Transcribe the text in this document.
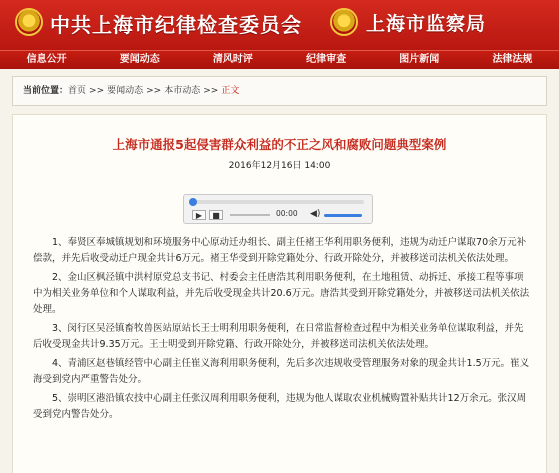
中共上海市纪律检查委员会	上海市监察局
信息公开	要闻动态	清风时评	纪律审查	图片新闻	法律法规
当前位置：首页 >> 要闻动态 >> 本市动态 >> 正文
上海市通报5起侵害群众利益的不正之风和腐败问题典型案例
2016年12月16日 14:00
▶	■	00:00 ◀)

1、奉贤区奉城镇规划和环境服务中心原动迁办组长、副主任褚王华利用职务便利，违规为动迁户谋取70余万元补偿款，并先后收受动迁户现金共计6万元。褚王华受到开除党籍处分、行政开除处分，并被移送司法机关依法处理。

2、金山区枫泾镇中洪村原党总支书记、村委会主任唐浩其利用职务便利，在土地租赁、动拆迁、承接工程等事项中为相关业务单位和个人谋取利益，并先后收受现金共计20.6万元。唐浩其受到开除党籍处分，并被移送司法机关依法处理。

3、闵行区吴泾镇畜牧兽医站原站长王士明利用职务便利，在日常监督检查过程中为相关业务单位谋取利益，并先后收受现金共计9.35万元。王士明受到开除党籍、行政开除处分，并被移送司法机关依法处理。

4、青浦区赵巷镇经管中心副主任崔义海利用职务便利，先后多次违规收受管理服务对象的现金共计1.5万元。崔义海受到党内严重警告处分。

5、崇明区港沿镇农技中心副主任张汉周利用职务便利，违规为他人谋取农业机械购置补贴共计12万余元。张汉周受到党内警告处分。
